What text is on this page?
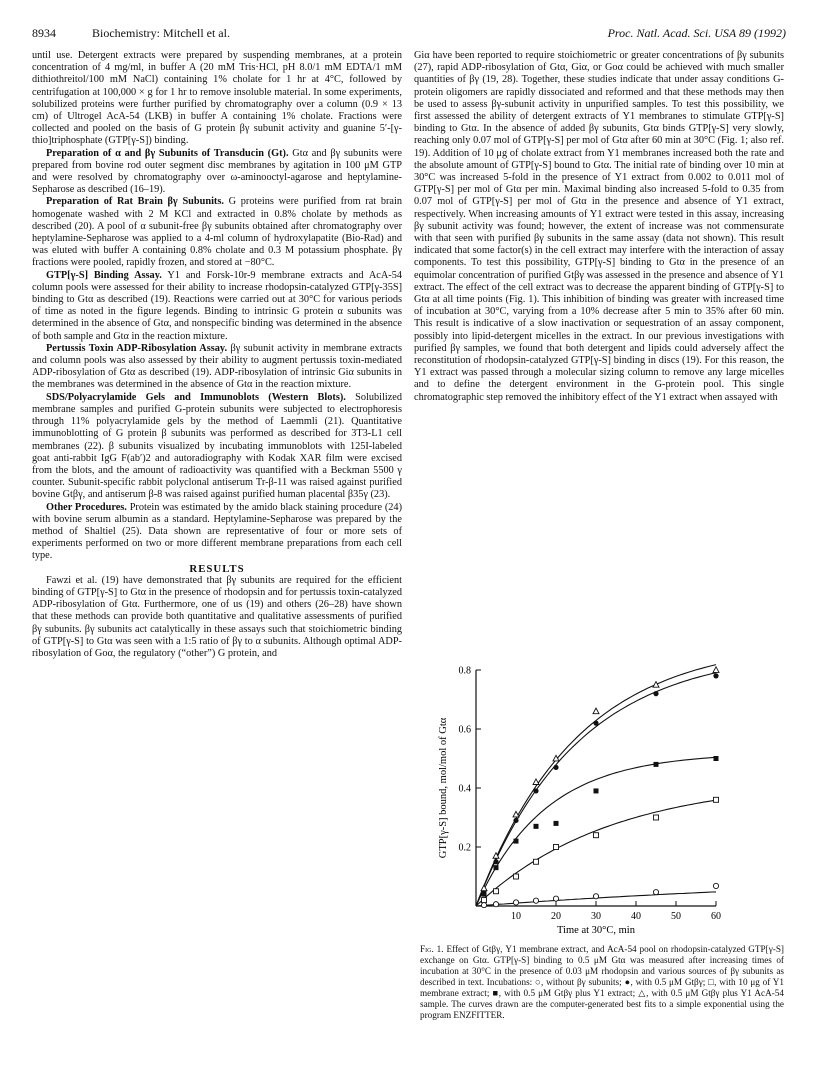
8934	Biochemistry: Mitchell et al.	Proc. Natl. Acad. Sci. USA 89 (1992)

until use. Detergent extracts were prepared by suspending membranes, at a protein concentration of 4 mg/ml, in buffer A (20 mM Tris·HCl, pH 8.0/1 mM EDTA/1 mM dithiothreitol/100 mM NaCl) containing 1% cholate for 1 hr at 4°C, followed by centrifugation at 100,000 × g for 1 hr to remove insoluble material. In some experiments, solubilized proteins were further purified by chromatography over a column (0.9 × 13 cm) of Ultrogel AcA-54 (LKB) in buffer A containing 1% cholate. Fractions were collected and pooled on the basis of G protein βγ subunit activity and guanine 5′-[γ-thio]triphosphate (GTP[γ-S]) binding.

Preparation of α and βγ Subunits of Transducin (Gt). Gtα and βγ subunits were prepared from bovine rod outer segment disc membranes by agitation in 100 μM GTP and were resolved by chromatography over ω-aminooctyl-agarose and heptylamine-Sepharose as described (16–19).

Preparation of Rat Brain βγ Subunits. G proteins were purified from rat brain homogenate washed with 2 M KCl and extracted in 0.8% cholate by methods as described (20). A pool of α subunit-free βγ subunits obtained after chromatography over heptylamine-Sepharose was applied to a 4-ml column of hydroxylapatite (Bio-Rad) and was eluted with buffer A containing 0.8% cholate and 0.3 M potassium phosphate. βγ fractions were pooled, rapidly frozen, and stored at −80°C.

GTP[γ-S] Binding Assay. Y1 and Forsk-10r-9 membrane extracts and AcA-54 column pools were assessed for their ability to increase rhodopsin-catalyzed GTP[γ-35S] binding to Gtα as described (19). Reactions were carried out at 30°C for various periods of time as noted in the figure legends. Binding to intrinsic G protein α subunits was determined in the absence of Gtα, and nonspecific binding was determined in the absence of both sample and Gtα in the reaction mixture.

Pertussis Toxin ADP-Ribosylation Assay. βγ subunit activity in membrane extracts and column pools was also assessed by their ability to augment pertussis toxin-mediated ADP-ribosylation of Gtα as described (19). ADP-ribosylation of intrinsic Giα subunits in the membranes was determined in the absence of Gtα in the reaction mixture.

SDS/Polyacrylamide Gels and Immunoblots (Western Blots). Solubilized membrane samples and purified G-protein subunits were subjected to electrophoresis through 11% polyacrylamide gels by the method of Laemmli (21). Quantitative immunoblotting of G protein β subunits was performed as described for 3T3-L1 cell membranes (22). β subunits visualized by incubating immunoblots with 125I-labeled goat anti-rabbit IgG F(ab′)2 and autoradiography with Kodak XAR film were excised from the blots, and the amount of radioactivity was quantified with a Beckman 5500 γ counter. Subunit-specific rabbit polyclonal antiserum Tr-β-11 was raised against purified bovine Gtβγ, and antiserum β-8 was raised against purified human placental β35γ (23).

Other Procedures. Protein was estimated by the amido black staining procedure (24) with bovine serum albumin as a standard. Heptylamine-Sepharose was prepared by the method of Shaltiel (25). Data shown are representative of four or more sets of experiments performed on two or more different membrane preparations from each cell type.

RESULTS

Fawzi et al. (19) have demonstrated that βγ subunits are required for the efficient binding of GTP[γ-S] to Gtα in the presence of rhodopsin and for pertussis toxin-catalyzed ADP-ribosylation of Gtα. Furthermore, one of us (19) and others (26–28) have shown that these methods can provide both quantitative and qualitative assessments of purified βγ subunits. βγ subunits act catalytically in these assays such that stoichiometric binding of GTP[γ-S] to Gtα was seen with a 1:5 ratio of βγ to α subunits. Although optimal ADP-ribosylation of Goα, the regulatory (“other”) G protein, and

Giα have been reported to require stoichiometric or greater concentrations of βγ subunits (27), rapid ADP-ribosylation of Gtα, Giα, or Goα could be achieved with much smaller quantities of βγ (19, 28). Together, these studies indicate that under assay conditions G-protein oligomers are rapidly dissociated and reformed and that these methods may then be used to assess βγ-subunit activity in unpurified samples. To test this possibility, we first assessed the ability of detergent extracts of Y1 membranes to stimulate GTP[γ-S] binding to Gtα. In the absence of added βγ subunits, Gtα binds GTP[γ-S] very slowly, reaching only 0.07 mol of GTP[γ-S] per mol of Gtα after 60 min at 30°C (Fig. 1; also ref. 19). Addition of 10 μg of cholate extract from Y1 membranes increased both the rate and the absolute amount of GTP[γ-S] bound to Gtα. The initial rate of binding over 10 min at 30°C was increased 5-fold in the presence of Y1 extract from 0.002 to 0.011 mol of GTP[γ-S] per mol of Gtα per min. Maximal binding also increased 5-fold to 0.35 from 0.07 mol of GTP[γ-S] per mol of Gtα in the presence and absence of Y1 extract, respectively. When increasing amounts of Y1 extract were tested in this assay, increasing βγ subunit activity was found; however, the extent of increase was not commensurate with that seen with purified βγ subunits in the same assay (data not shown). This result indicated that some factor(s) in the cell extract may interfere with the interaction of assay components. To test this possibility, GTP[γ-S] binding to Gtα in the presence of an equimolar concentration of purified Gtβγ was assessed in the presence and absence of Y1 extract. The effect of the cell extract was to decrease the apparent binding of GTP[γ-S] to Gtα at all time points (Fig. 1). This inhibition of binding was greater with increased time of incubation at 30°C, varying from a 10% decrease after 5 min to 35% after 60 min. This result is indicative of a slow inactivation or sequestration of an assay component, possibly into lipid-detergent micelles in the extract. In our previous investigations with purified βγ samples, we found that both detergent and lipids could adversely affect the reconstitution of rhodopsin-catalyzed GTP[γ-S] binding in discs (19). For this reason, the Y1 extract was passed through a molecular sizing column to remove any large micelles and to define the detergent environment in the G-protein pool. This single chromatographic step removed the inhibitory effect of the Y1 extract when assayed with

10	20	30	40	50	60
0.2
0.4
0.6
0.8
Time at 30°C, min
GTP[γ-S] bound, mol/mol of Gtα
Fig. 1. Effect of Gtβγ, Y1 membrane extract, and AcA-54 pool on rhodopsin-catalyzed GTP[γ-S] exchange on Gtα. GTP[γ-S] binding to 0.5 μM Gtα was measured after increasing times of incubation at 30°C in the presence of 0.03 μM rhodopsin and various sources of βγ subunits as described in text. Incubations: ○, without βγ subunits; ●, with 0.5 μM Gtβγ; □, with 10 μg of Y1 membrane extract; ■, with 0.5 μM Gtβγ plus Y1 extract; △, with 0.5 μM Gtβγ plus Y1 AcA-54 sample. The curves drawn are the computer-generated best fits to a simple exponential using the program ENZFITTER.
